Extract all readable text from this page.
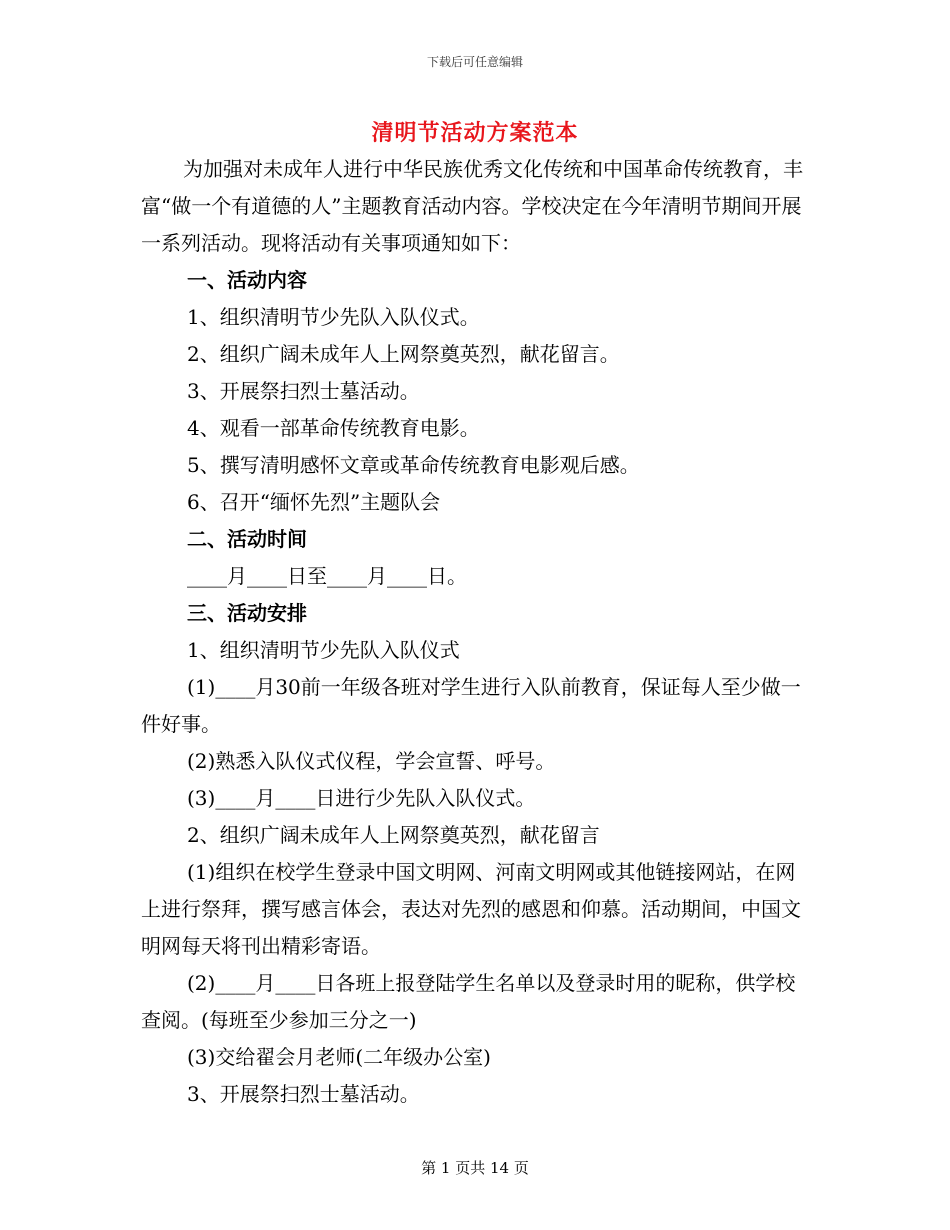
下载后可任意编辑
清明节活动方案范本

为加强对未成年人进行中华民族优秀文化传统和中国革命传统教育，丰富“做一个有道德的人”主题教育活动内容。学校决定在今年清明节期间开展一系列活动。现将活动有关事项通知如下：

一、活动内容

1、组织清明节少先队入队仪式。

2、组织广阔未成年人上网祭奠英烈，献花留言。

3、开展祭扫烈士墓活动。

4、观看一部革命传统教育电影。

5、撰写清明感怀文章或革命传统教育电影观后感。

6、召开“缅怀先烈”主题队会

二、活动时间

____月____日至____月____日。

三、活动安排

1、组织清明节少先队入队仪式

(1)____月30前一年级各班对学生进行入队前教育，保证每人至少做一件好事。

(2)熟悉入队仪式仪程，学会宣誓、呼号。

(3)____月____日进行少先队入队仪式。

2、组织广阔未成年人上网祭奠英烈，献花留言

(1)组织在校学生登录中国文明网、河南文明网或其他链接网站，在网上进行祭拜，撰写感言体会，表达对先烈的感恩和仰慕。活动期间，中国文明网每天将刊出精彩寄语。

(2)____月____日各班上报登陆学生名单以及登录时用的昵称，供学校查阅。(每班至少参加三分之一)

(3)交给翟会月老师(二年级办公室)

3、开展祭扫烈士墓活动。

第 1 页共 14 页
